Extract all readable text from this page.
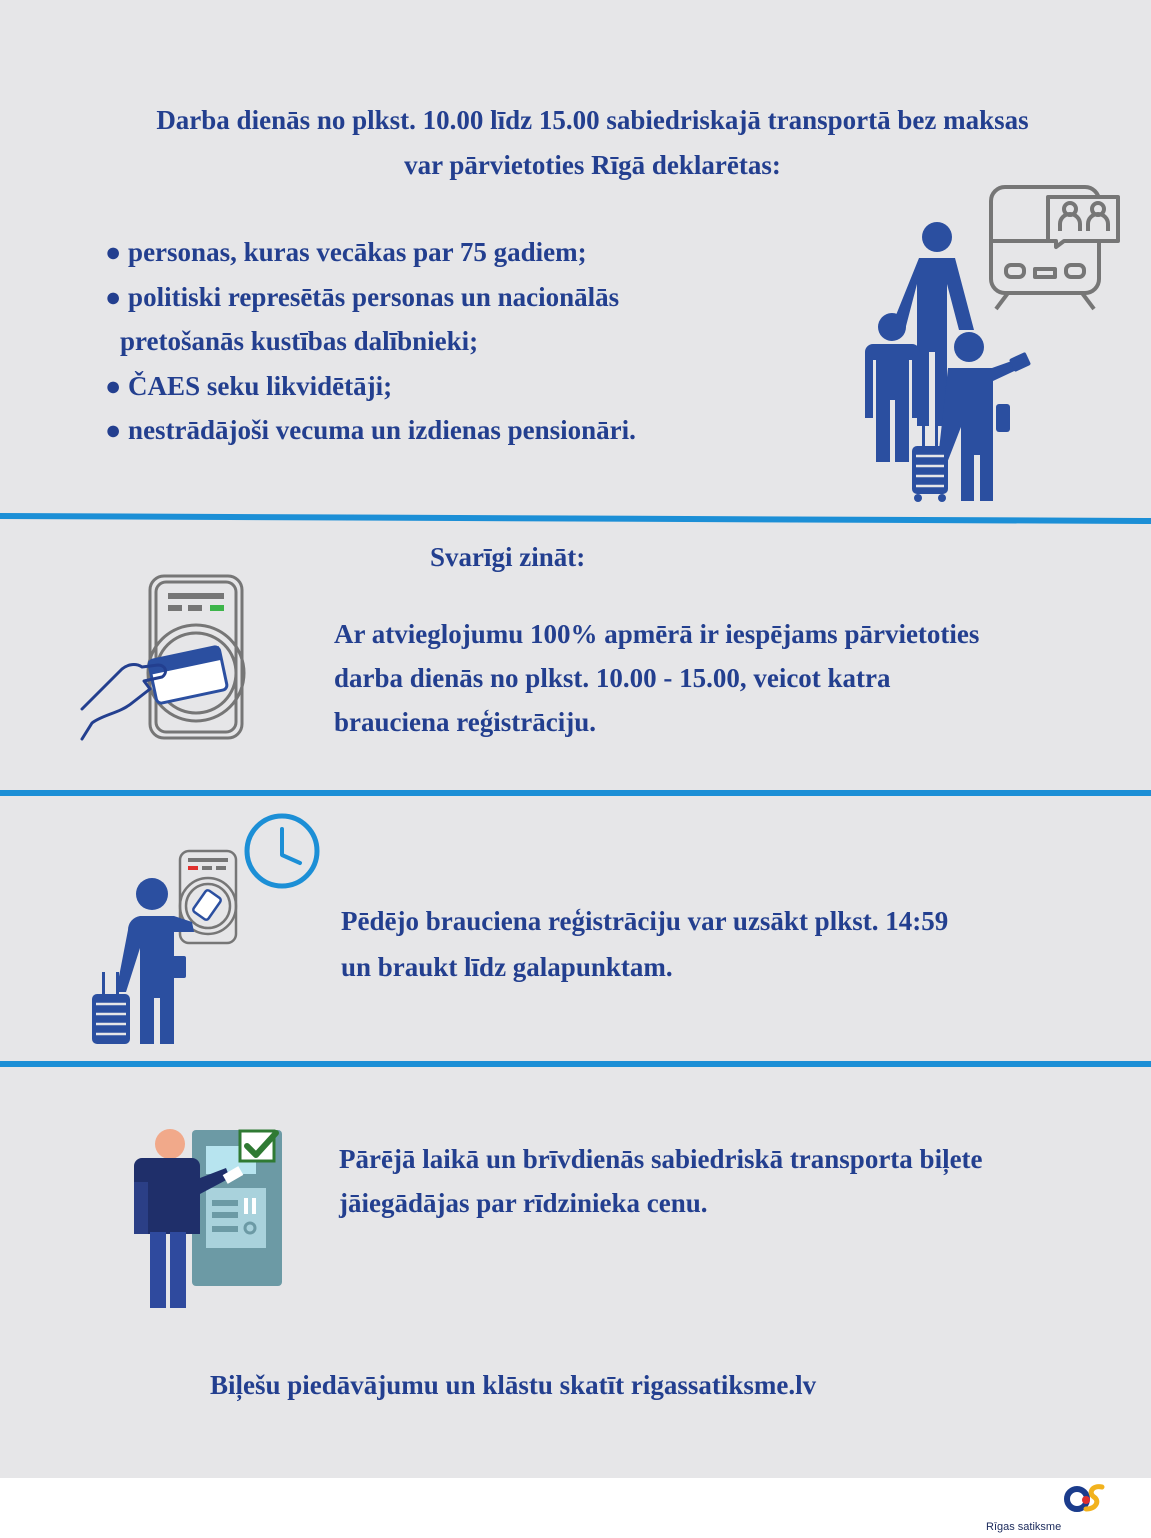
Darba dienās no plkst. 10.00 līdz 15.00 sabiedriskajā transportā bez maksas
var pārvietoties Rīgā deklarētas:
● personas, kuras vecākas par 75 gadiem;
● politiski represētās personas un nacionālās
pretošanās kustības dalībnieki;
● ČAES seku likvidētāji;
● nestrādājoši vecuma un izdienas pensionāri.
Svarīgi zināt:
Ar atvieglojumu 100% apmērā ir iespējams pārvietoties
darba dienās no plkst. 10.00 - 15.00, veicot katra
brauciena reģistrāciju.
Pēdējo brauciena reģistrāciju var uzsākt plkst. 14:59
un braukt līdz galapunktam.
Pārējā laikā un brīvdienās sabiedriskā transporta biļete
jāiegādājas par rīdzinieka cenu.
Biļešu piedāvājumu un klāstu skatīt rigassatiksme.lv
Rīgas satiksme
